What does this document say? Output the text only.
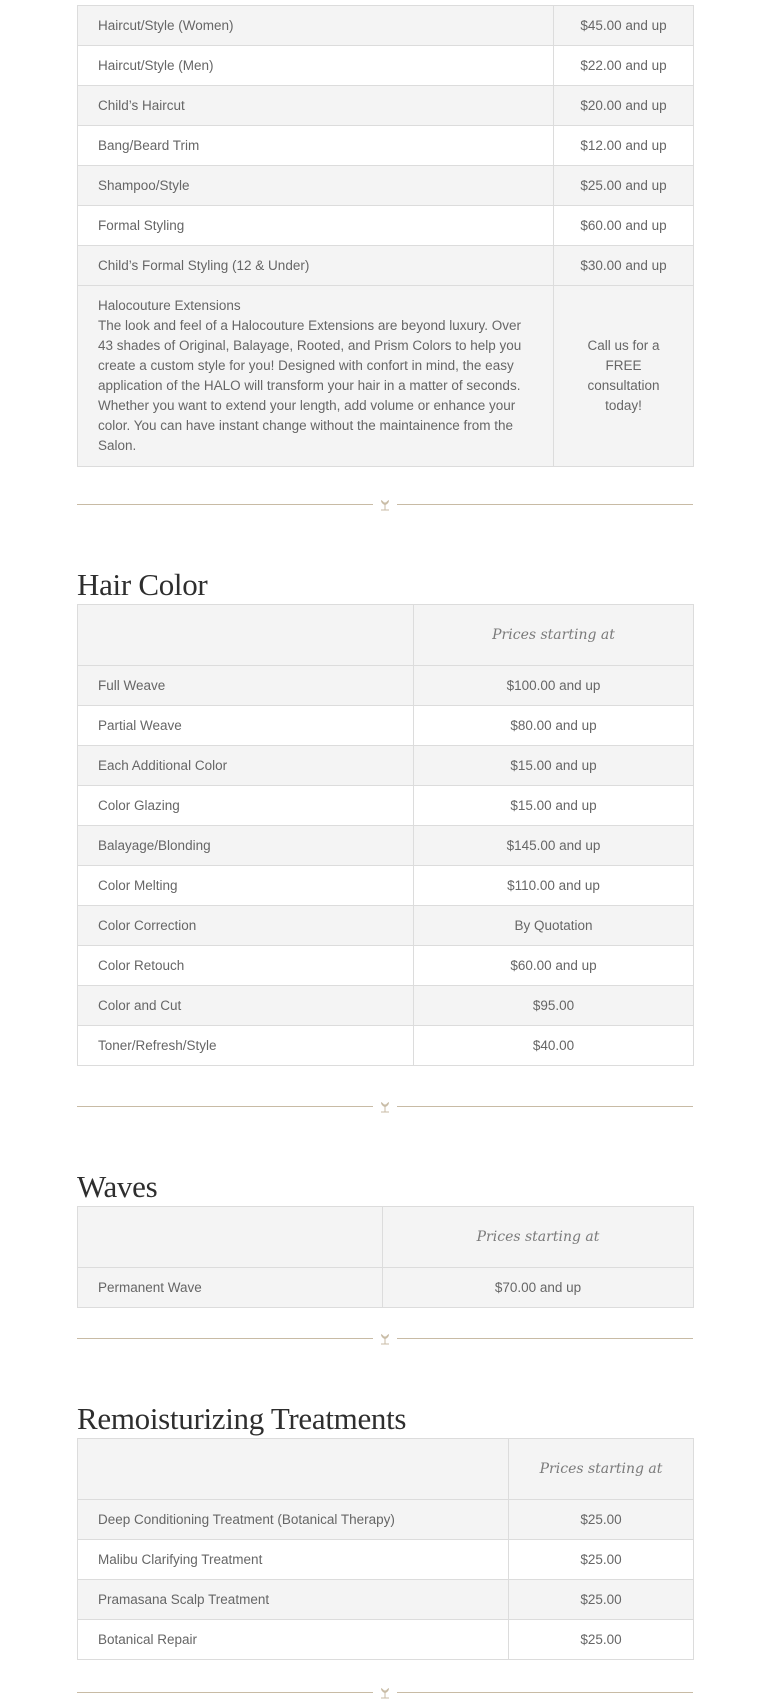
Haircut/Style (Women)	$45.00 and up
Haircut/Style (Men)	$22.00 and up
Child’s Haircut	$20.00 and up
Bang/Beard Trim	$12.00 and up
Shampoo/Style	$25.00 and up
Formal Styling	$60.00 and up
Child’s Formal Styling (12 & Under)	$30.00 and up

Halocouture Extensions
The look and feel of a Halocouture Extensions are beyond luxury. Over 43 shades of Original, Balayage, Rooted, and Prism Colors to help you create a custom style for you! Designed with confort in mind, the easy application of the HALO will transform your hair in a matter of seconds. Whether you want to extend your length, add volume or enhance your color. You can have instant change without the maintainence from the Salon.	Call us for a FREE consultation today!
Hair Color
	Prices starting at
Full Weave	$100.00 and up
Partial Weave	$80.00 and up
Each Additional Color	$15.00 and up
Color Glazing	$15.00 and up
Balayage/Blonding	$145.00 and up
Color Melting	$110.00 and up
Color Correction	By Quotation
Color Retouch	$60.00 and up
Color and Cut	$95.00
Toner/Refresh/Style	$40.00
Waves
	Prices starting at
Permanent Wave	$70.00 and up
Remoisturizing Treatments
	Prices starting at
Deep Conditioning Treatment (Botanical Therapy)	$25.00
Malibu Clarifying Treatment	$25.00
Pramasana Scalp Treatment	$25.00
Botanical Repair	$25.00
